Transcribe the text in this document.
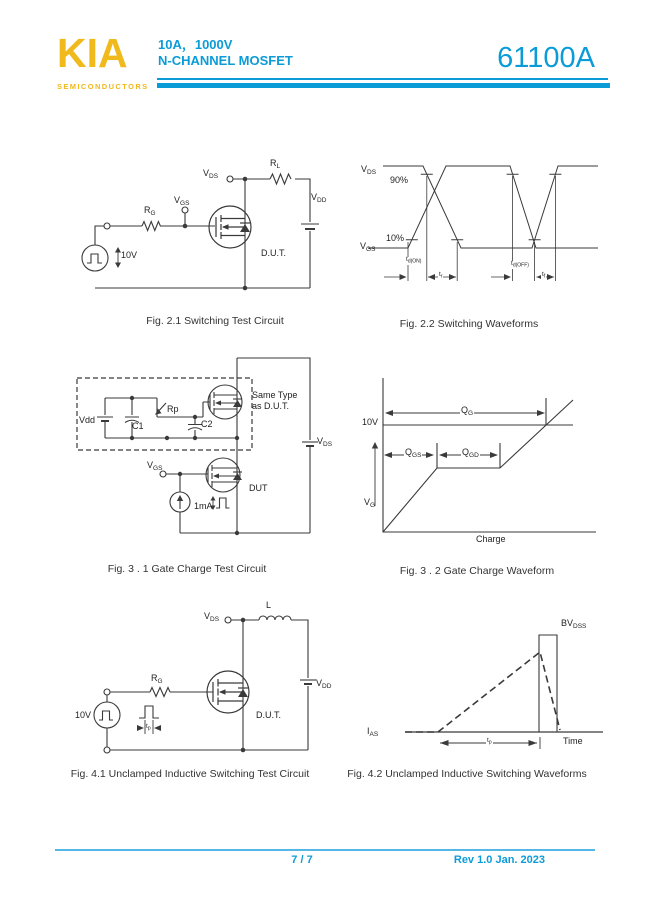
KIA
SEMICONDUCTORS
10A，1000V
N-CHANNEL MOSFET	61100A
$V_{DS}$
$R_L$
$V_{DD}$
$V_{GS}$
$R_G$
10V	D.U.T.
Fig. 2.1 Switching Test Circuit
$V_{DS}$
90%
10%
$V_{GS}$
$t_{d(ON)}$
$t_r$
$t_{d(OFF)}$
$t_f$
Fig. 2.2 Switching Waveforms
Vdd
C1
Rp
C2
Same Type
as D.U.T.
$V_{DS}$
$V_{GS}$
DUT
1mA
Fig. 3 . 1 Gate Charge Test Circuit
$Q_G$
10V
$Q_{GS}$	$Q_{GD}$
$V_G$
Charge
Fig. 3 . 2 Gate Charge Waveform
$V_{DS}$
L
$R_G$
10V
$t_p$
$V_{DD}$
D.U.T.
Fig. 4.1 Unclamped Inductive Switching Test Circuit
$BV_{DSS}$
$I_{AS}$
$t_p$	Time
Fig. 4.2 Unclamped Inductive Switching Waveforms
7 / 7	Rev 1.0 Jan. 2023
